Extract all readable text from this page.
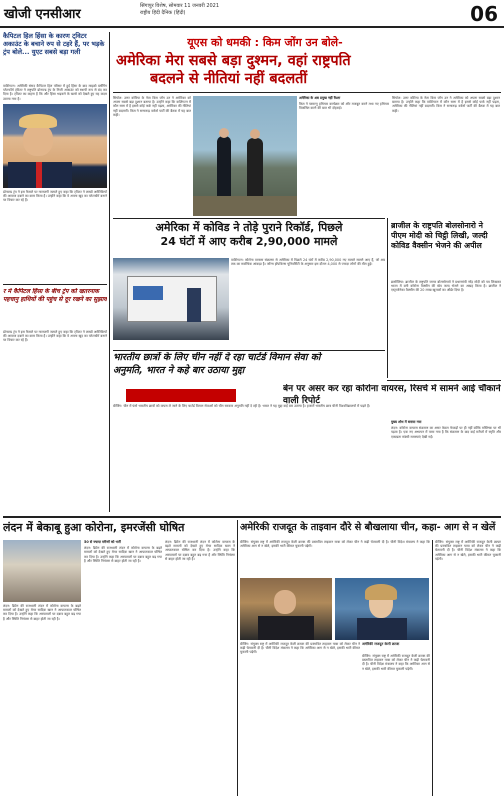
खोजी एनसीआर
सिंगापुर विशेष, सोमवार 11 जनवरी 2021
राष्ट्रीय हिंदी दैनिक (हिंदी)	06
कैपिटल हिल हिंसा के कारण ट्विटर अकाउंट के बचाने रुप से टहरे हैं, पर भड़के ट्रंप बोले... युएट सबसे बड़ा गली
वाशिंगटन: अमेरिकी संसद कैपिटल हिल परिसर में हुई हिंसा के बाद माइक्रो ब्लॉगिंग प्लेटफॉर्म ट्विटर ने राष्ट्रपति डोनाल्ड ट्रंप के निजी अकाउंट को स्थायी रूप से बंद कर दिया है। ट्विटर का कहना है कि और हिंसा भड़कने के खतरे को देखते हुए यह कदम उठाया गया है।
डोनाल्ड ट्रंप ने इस फैसले पर नाराजगी जताते हुए कहा कि ट्विटर ने लाखों अमेरिकियों की आवाज दबाने का काम किया है। उन्होंने कहा कि वे अपना खुद का प्लेटफॉर्म बनाने पर विचार कर रहे हैं।
र मे कैपिटल हिंसा के बीच ट्रंप को खतरनाक पहचानु हाथियों की पहुंच से दूर रखने का सुझाव
डोनाल्ड ट्रंप ने इस फैसले पर नाराजगी जताते हुए कहा कि ट्विटर ने लाखों अमेरिकियों की आवाज दबाने का काम किया है। उन्होंने कहा कि वे अपना खुद का प्लेटफॉर्म बनाने पर विचार कर रहे हैं।
यूएस को धमकी : किम जोंग उन बोले-
अमेरिका मेरा सबसे बड़ा दुश्मन, वहां राष्ट्रपति
बदलने से नीतियां नहीं बदलतीं
सियोल: उत्तर कोरिया के नेता किम जोंग उन ने अमेरिका को अपना सबसे बड़ा दुश्मन बताया है। उन्होंने कहा कि वाशिंगटन में कौन सत्ता में है इससे कोई फर्क नहीं पड़ता, अमेरिका की नीतियां नहीं बदलतीं। किम ने सत्तारूढ़ वर्कर्स पार्टी की बैठक में यह बात कही।

अमेरिका के अब प्रमुख नहीं रिश्ता

किम ने परमाणु हथियार कार्यक्रम को और मजबूत करने तथा नए हथियार विकसित करने की बात भी दोहराई।

सियोल: उत्तर कोरिया के नेता किम जोंग उन ने अमेरिका को अपना सबसे बड़ा दुश्मन बताया है। उन्होंने कहा कि वाशिंगटन में कौन सत्ता में है इससे कोई फर्क नहीं पड़ता, अमेरिका की नीतियां नहीं बदलतीं। किम ने सत्तारूढ़ वर्कर्स पार्टी की बैठक में यह बात कही।
अमेरिका में कोविड ने तोड़े पुराने रिकॉर्ड, पिछले
24 घंटों में आए करीब 2,90,000 मामले
वाशिंगटन: कोरोना वायरस संक्रमण से अमेरिका में पिछले 24 घंटों में करीब 2,90,000 नए मामले सामने आए हैं, जो अब तक का सर्वाधिक आंकड़ा है। जॉन्स हॉपकिन्स यूनिवर्सिटी के अनुसार इस दौरान 4,000 से ज्यादा लोगों की मौत हुई।
ब्राजील के राष्ट्रपति बोलसोनारो ने पीएम मोदी को चिट्ठी लिखी, जल्दी कोविड वैक्सीन भेजने की अपील
ब्रासीलिया: ब्राजील के राष्ट्रपति जायर बोलसोनारो ने प्रधानमंत्री नरेंद्र मोदी को पत्र लिखकर भारत में बनी कोरोना वैक्सीन की खेप जल्द भेजने का आग्रह किया है। ब्राजील ने एस्ट्राजेनेका वैक्सीन की 20 लाख खुराकों का ऑर्डर दिया है।
भारतीय छात्रों के लिए चीन नहीं दे रहा चार्टर्ड विमान सेवा को अनुमति, भारत ने कहे बार उठाया मुद्दा
बीजिंग: चीन में फंसे भारतीय छात्रों को वापस ले जाने के लिए चार्टर्ड विमान सेवाओं को चीन सरकार अनुमति नहीं दे रही है। भारत ने यह मुद्दा कई बार उठाया है। हजारों भारतीय छात्र चीनी विश्वविद्यालयों में पढ़ते हैं।
बेन पर असर कर रहा कोरोना वायरस, रिसर्च में सामने आई चौंकाने वाली रिपोर्ट

मुख्य शोध में बताया गया

लंदन: कोरोना वायरस संक्रमण का असर केवल फेफड़ों पर ही नहीं बल्कि मस्तिष्क पर भी पड़ता है। एक नए अध्ययन में पाया गया है कि संक्रमण के बाद कई मरीजों में स्मृति और एकाग्रता संबंधी समस्याएं देखी गईं।

लंदन में बेकाबू हुआ कोरोना, इमरजेंसी घोषित
लंदन: ब्रिटेन की राजधानी लंदन में कोरोना वायरस के बढ़ते मामलों को देखते हुए मेयर सादिक खान ने आपातकाल घोषित कर दिया है। उन्होंने कहा कि अस्पतालों पर दबाव बहुत बढ़ गया है और स्थिति नियंत्रण से बाहर होती जा रही है।

50 से ज्यादा मरीजों को भर्ती

लंदन: ब्रिटेन की राजधानी लंदन में कोरोना वायरस के बढ़ते मामलों को देखते हुए मेयर सादिक खान ने आपातकाल घोषित कर दिया है। उन्होंने कहा कि अस्पतालों पर दबाव बहुत बढ़ गया है और स्थिति नियंत्रण से बाहर होती जा रही है।

लंदन: ब्रिटेन की राजधानी लंदन में कोरोना वायरस के बढ़ते मामलों को देखते हुए मेयर सादिक खान ने आपातकाल घोषित कर दिया है। उन्होंने कहा कि अस्पतालों पर दबाव बहुत बढ़ गया है और स्थिति नियंत्रण से बाहर होती जा रही है।
अमेरिकी राजदूत के ताइवान दौरे से बौखलाया चीन, कहा- आग से न खेलें
बीजिंग: संयुक्त राष्ट्र में अमेरिकी राजदूत केली क्राफ्ट की प्रस्तावित ताइवान यात्रा को लेकर चीन ने कड़ी चेतावनी दी है। चीनी विदेश मंत्रालय ने कहा कि अमेरिका आग से न खेले, इसकी भारी कीमत चुकानी पड़ेगी।
बीजिंग: संयुक्त राष्ट्र में अमेरिकी राजदूत केली क्राफ्ट की प्रस्तावित ताइवान यात्रा को लेकर चीन ने कड़ी चेतावनी दी है। चीनी विदेश मंत्रालय ने कहा कि अमेरिका आग से न खेले, इसकी भारी कीमत चुकानी पड़ेगी।
अमेरिकी राजदूत केली क्राफ्ट
बीजिंग: संयुक्त राष्ट्र में अमेरिकी राजदूत केली क्राफ्ट की प्रस्तावित ताइवान यात्रा को लेकर चीन ने कड़ी चेतावनी दी है। चीनी विदेश मंत्रालय ने कहा कि अमेरिका आग से न खेले, इसकी भारी कीमत चुकानी पड़ेगी।
बीजिंग: संयुक्त राष्ट्र में अमेरिकी राजदूत केली क्राफ्ट की प्रस्तावित ताइवान यात्रा को लेकर चीन ने कड़ी चेतावनी दी है। चीनी विदेश मंत्रालय ने कहा कि अमेरिका आग से न खेले, इसकी भारी कीमत चुकानी पड़ेगी।
